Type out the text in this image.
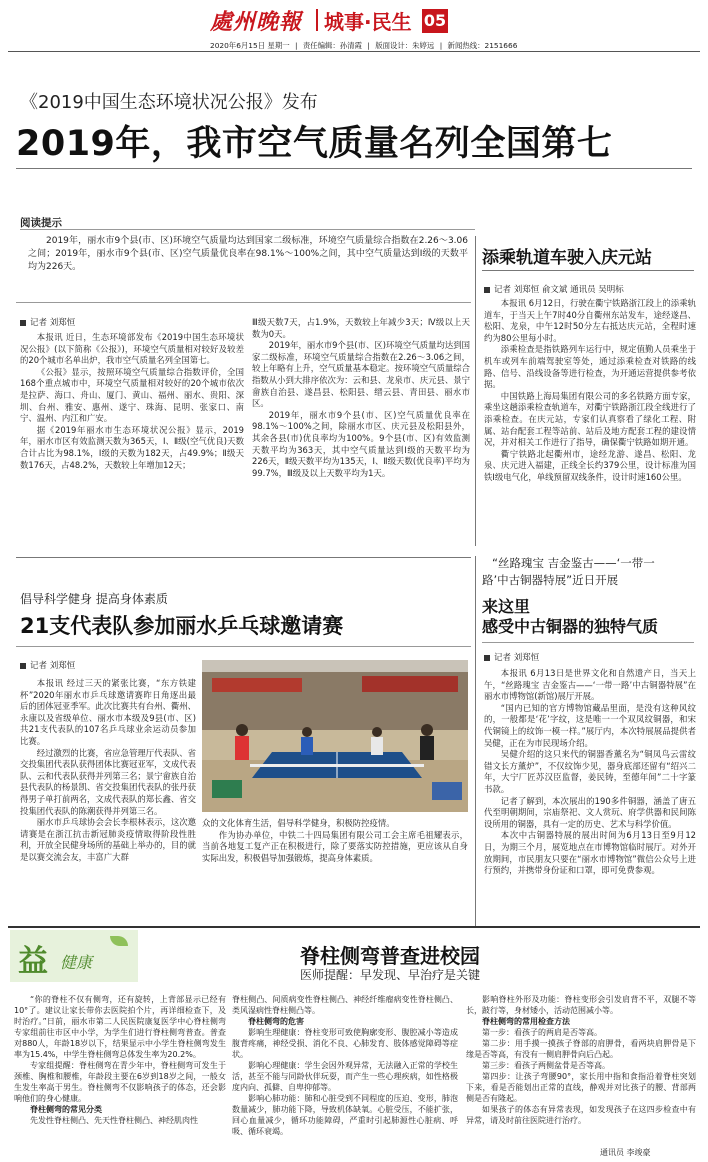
處州晚報 城事·民生 05
2020年6月15日 星期一 | 责任编辑：孙清霞 | 版面设计：朱婷远 | 新闻热线：2151666
《2019中国生态环境状况公报》发布
2019年，我市空气质量名列全国第七
阅读提示

2019年，丽水市9个县(市、区)环境空气质量均达到国家二级标准，环境空气质量综合指数在2.26～3.06之间；2019年，丽水市9个县(市、区)空气质量优良率在98.1%～100%之间，其中空气质量达到Ⅰ级的天数平均为226天。

记者 刘郑恒

本报讯 近日，生态环境部发布《2019中国生态环境状况公报》(以下简称《公报》)，环境空气质量相对较好及较差的20个城市名单出炉，我市空气质量名列全国第七。

《公报》显示，按照环境空气质量综合指数评价，全国168个重点城市中，环境空气质量相对较好的20个城市依次是拉萨、海口、舟山、厦门、黄山、福州、丽水、贵阳、深圳、台州、雅安、惠州、遂宁、珠海、昆明、张家口、南宁、温州、内江和广安。

据《2019年丽水市生态环境状况公报》显示，2019年，丽水市区有效监测天数为365天，Ⅰ、Ⅱ级(空气优良)天数合计占比为98.1%，Ⅰ级的天数为182天，占49.9%；Ⅱ级天数176天，占48.2%，天数较上年增加12天；

Ⅲ级天数7天，占1.9%，天数较上年减少3天；Ⅳ级以上天数为0天。

2019年，丽水市9个县(市、区)环境空气质量均达到国家二级标准，环境空气质量综合指数在2.26～3.06之间，较上年略有上升，空气质量基本稳定。按环境空气质量综合指数从小到大排序依次为：云和县、龙泉市、庆元县、景宁畲族自治县、遂昌县、松阳县、缙云县、青田县、丽水市区。

2019年，丽水市9个县(市、区)空气质量优良率在98.1%～100%之间，除丽水市区、庆元县及松阳县外，其余各县(市)优良率均为100%。9个县(市、区)有效监测天数平均为363天，其中空气质量达到Ⅰ级的天数平均为226天，Ⅱ级天数平均为135天，Ⅰ、Ⅱ级天数(优良率)平均为99.7%，Ⅲ级及以上天数平均为1天。

添乘轨道车驶入庆元站
记者 刘郑恒 俞文斌 通讯员 吴明标

本报讯 6月12日，行驶在衢宁铁路浙江段上的添乘轨道车，于当天上午7时40分自衢州东站发车，途经遂昌、松阳、龙泉，中午12时50分左右抵达庆元站，全程时速约为80公里每小时。

添乘检查是指铁路列车运行中，规定值勤人员乘坐于机车或列车前端驾驶室等处，通过添乘检查对铁路的线路、信号、沿线设备等进行检查，为开通运营提供参考依据。

中国铁路上海局集团有限公司的多名铁路方面专家，乘坐这趟添乘检查轨道车，对衢宁铁路浙江段全线进行了添乘检查。在庆元站，专家们认真察看了绿化工程、附属、站台配套工程等站前、站后及地方配套工程的建设情况，并对相关工作进行了指导，确保衢宁铁路如期开通。

衢宁铁路北起衢州市，途经龙游、遂昌、松阳、龙泉、庆元进入福建，正线全长约379公里，设计标准为国铁Ⅰ级电气化，单线预留双线条件，设计时速160公里。

倡导科学健身 提高身体素质
21支代表队参加丽水乒乓球邀请赛
记者 刘郑恒

本报讯 经过三天的紧张比赛，“东方铁建杯”2020年丽水市乒乓球邀请赛昨日角逐出最后的团体冠亚季军。此次比赛共有台州、衢州、永康以及省级单位、丽水市本级及9县(市、区)共21支代表队的107名乒乓球业余运动员参加比赛。

经过激烈的比赛，省应急管理厅代表队、省交投集团代表队获得团体比赛冠亚军，文成代表队、云和代表队获得并列第三名；景宁畲族自治县代表队的杨景凯、省交投集团代表队的张丹获得男子单打前两名，文成代表队的郑长鑫、省交投集团代表队的陈潮获得并列第三名。

丽水市乒乓球协会会长李根林表示，这次邀请赛是在浙江抗击新冠肺炎疫情取得阶段性胜利，开放全民健身场所的基础上举办的，目的就是以赛交流会友，丰富广大群

众的文化体育生活，倡导科学健身，积极防控疫情。

作为协办单位，中铁二十四局集团有限公司工会主席毛祖耀表示，当前各地复工复产正在积极进行，除了要落实防控措施，更应该从自身实际出发，积极倡导加强锻炼，提高身体素质。

“丝路瑰宝 吉金鉴古——‘一带一
路’中古铜器特展”近日开展
来这里
感受中古铜器的独特气质
记者 刘郑恒

本报讯 6月13日是世界文化和自然遗产日，当天上午，“丝路瑰宝 吉金鉴古——‘一带一路’中古铜器特展”在丽水市博物馆(新馆)展厅开展。

“国内已知的官方博物馆藏品里面，是没有这种风纹的，一般都是‘花’字纹，这是唯一一个双凤纹铜器，和宋代铜镜上的纹饰一模一样。”展厅内，本次特展展品提供者吴健，正在为市民现场介绍。

吴健介绍的这只来代的铜器香薰名为“铜凤鸟云雷纹错文长方薰炉”，不仅纹饰少见，器身底部还留有“绍兴二年，大宁厂匠苏汉臣监督，姜民铸，至德年间”二十字篆书款。

记者了解到，本次展出的190多件铜器，涵盖了唐五代至明朝期间，宗庙祭祀、文人赏玩、府学供器和民间陈设所用的铜器，具有一定的历史、艺术与科学价值。

本次中古铜器特展的展出时间为6月13日至9月12日，为期三个月，展览地点在市博物馆临时展厅。对外开放期间，市民朋友只要在“丽水市博物馆”微信公众号上进行预约，并携带身份证和口罩，即可免费参观。

益 健康	脊柱侧弯普查进校园
医师提醒：早发现、早治疗是关键

“你的脊柱不仅有侧弯，还有旋转，上背部显示已经有10°了。建议让家长带你去医院拍个片，再详细检查下，及时治疗。”日前，丽水市第二人民医院康复医学中心脊柱侧弯专家组前往市区中小学，为学生们进行脊柱侧弯普查。普查对880人，年龄18岁以下，结果显示中小学生脊柱侧弯发生率为15.4%，中学生脊柱侧弯总体发生率为20.2%。

专家组提醒：脊柱侧弯在青少年中，脊柱侧弯可发生于颈椎、胸椎和腰椎，年龄段主要在6岁到18岁之间，一般女生发生率高于男生。脊柱侧弯不仅影响孩子的体态，还会影响他们的身心健康。

脊柱侧弯的常见分类

先发性脊柱侧凸、先天性脊柱侧凸、神经肌肉性

脊柱侧凸、间质病变性脊柱侧凸、神经纤维瘤病变性脊柱侧凸、类风湿病性脊柱侧凸等。

脊柱侧弯的危害

影响生理健康：脊柱变形可致使胸廓变形、腹腔减小等造成腹背疼痛，神经受损、消化不良、心肺发育、肢体感觉障碍等症状。

影响心理健康：学生会因外观异常，无法融入正常的学校生活，甚至不能与同龄伙伴玩耍，而产生一些心理疾病，如性格极度内向、孤僻、自卑抑郁等。

影响心肺功能：肺和心脏受到不同程度的压迫、变形，肺泡数量减少，肺功能下降，导致机体缺氧。心脏受压，不能扩张，回心血量减少，循环功能障碍，严重时引起肺源性心脏病、呼吸、循环衰竭。

影响脊柱外形及功能：脊柱变形会引发肩背不平，双腿不等长，跛行等，身材矮小，活动范围减小等。

脊柱侧弯的常用检查方法

第一步：看孩子的两肩是否等高。

第二步：用手摸一摸孩子脊部的肩胛骨，看两块肩胛骨是下缘是否等高，有没有一侧肩胛骨向后凸起。

第三步：看孩子两侧盆骨是否等高。

第四步：让孩子弯腰90°，家长用中指和食指沿着脊柱突划下来，看是否能划出正常的直线，静观并对比孩子的腰、背部两侧是否有隆起。

如果孩子的体态有异常表现，如发现孩子在这四步检查中有异常，请及时前往医院进行治疗。

通讯员 李竣豪
